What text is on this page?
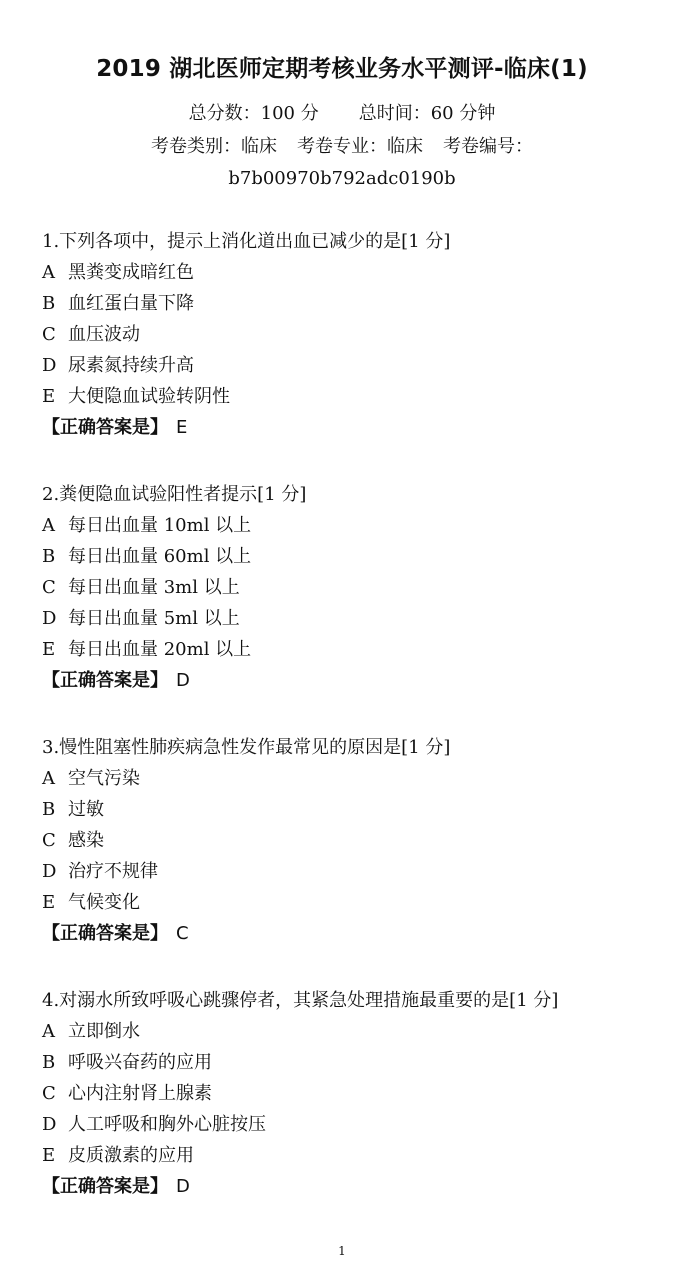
2019 湖北医师定期考核业务水平测评-临床(1)
总分数：100 分 总时间：60 分钟
考卷类别：临床 考卷专业：临床 考卷编号：
b7b00970b792adc0190b
1.下列各项中，提示上消化道出血已减少的是[1 分]
A 黑粪变成暗红色
B 血红蛋白量下降
C 血压波动
D 尿素氮持续升高
E 大便隐血试验转阴性
【正确答案是】 E
2.粪便隐血试验阳性者提示[1 分]
A 每日出血量 10ml 以上
B 每日出血量 60ml 以上
C 每日出血量 3ml 以上
D 每日出血量 5ml 以上
E 每日出血量 20ml 以上
【正确答案是】 D
3.慢性阻塞性肺疾病急性发作最常见的原因是[1 分]
A 空气污染
B 过敏
C 感染
D 治疗不规律
E 气候变化
【正确答案是】 C
4.对溺水所致呼吸心跳骤停者，其紧急处理措施最重要的是[1 分]
A 立即倒水
B 呼吸兴奋药的应用
C 心内注射肾上腺素
D 人工呼吸和胸外心脏按压
E 皮质激素的应用
【正确答案是】 D
1
